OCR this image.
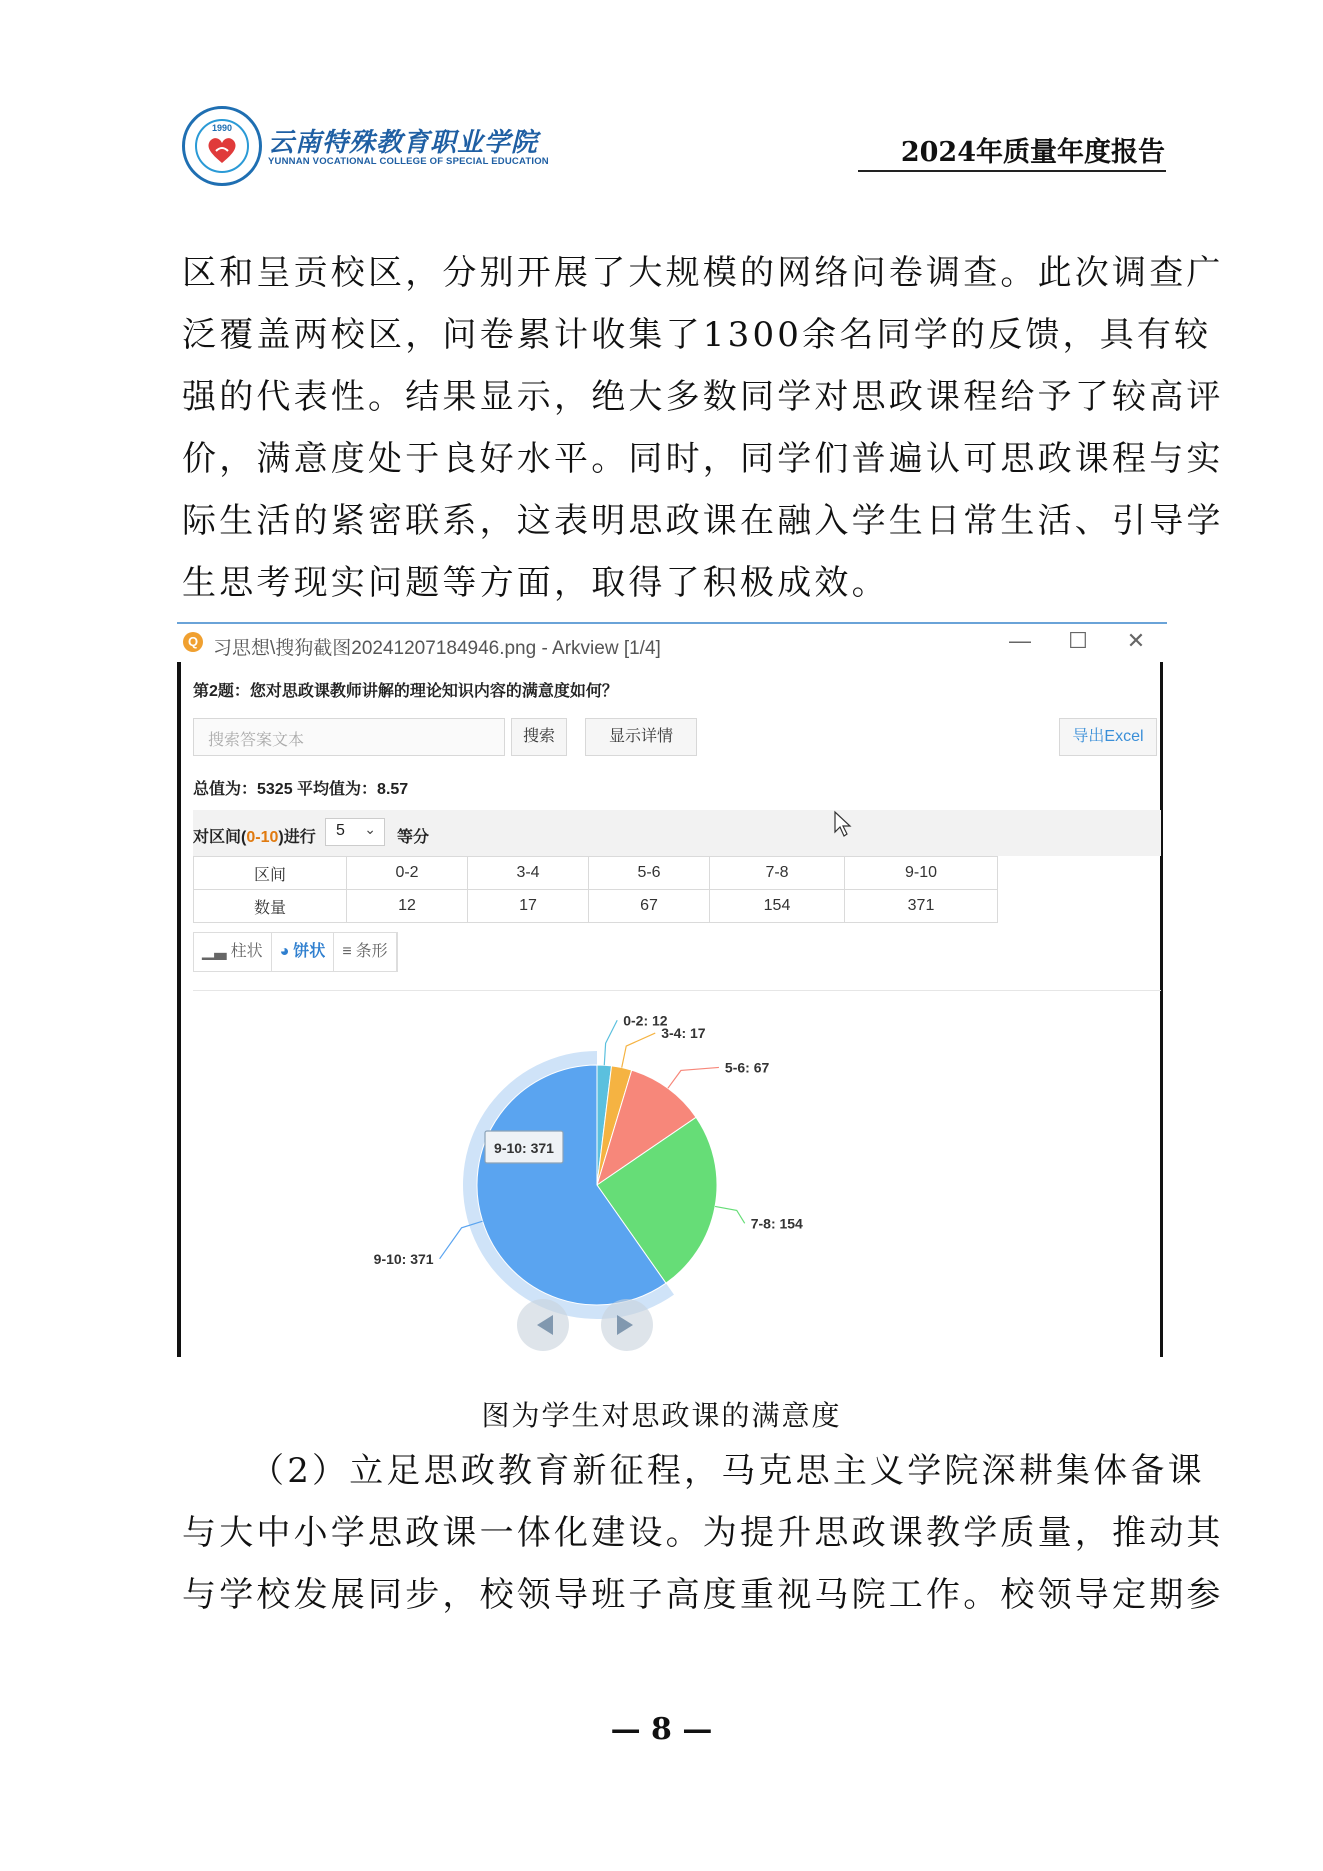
1990	云南特殊教育职业学院
YUNNAN VOCATIONAL COLLEGE OF SPECIAL EDUCATION	2024年质量年度报告

区和呈贡校区，分别开展了大规模的网络问卷调查。此次调查广

泛覆盖两校区，问卷累计收集了1300余名同学的反馈，具有较

强的代表性。结果显示，绝大多数同学对思政课程给予了较高评

价，满意度处于良好水平。同时，同学们普遍认可思政课程与实

际生活的紧密联系，这表明思政课在融入学生日常生活、引导学

生思考现实问题等方面，取得了积极成效。

Q 习思想\搜狗截图20241207184946.png - Arkview [1/4]	— ☐ ✕
第2题：您对思政课教师讲解的理论知识内容的满意度如何？
搜索答案文本	搜索	显示详情	导出Excel
总值为：5325 平均值为：8.57
对区间(0-10)进行	5 ⌄ 等分
区间	0-2	3-4	5-6	7-8	9-10
数量	12	17	67	154	371
▁▃ 柱状	◕ 饼状	≡ 条形
0-2: 12
3-4: 17
5-6: 67
7-8: 154
9-10: 371
9-10: 371
图为学生对思政课的满意度

（2）立足思政教育新征程，马克思主义学院深耕集体备课

与大中小学思政课一体化建设。为提升思政课教学质量，推动其

与学校发展同步，校领导班子高度重视马院工作。校领导定期参

— 8 —
